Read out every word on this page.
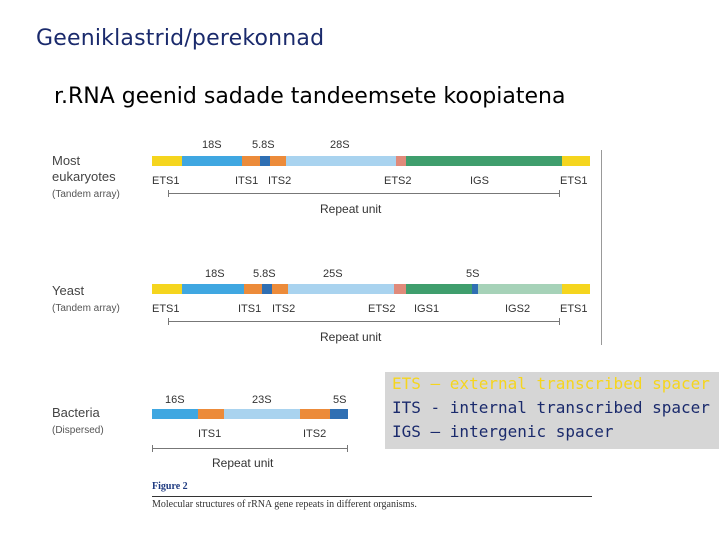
Geeniklastrid/perekonnad
r.RNA geenid sadade tandeemsete koopiatena
Most
eukaryotes
(Tandem array)
18S	5.8S	28S
ETS1	ITS1 ITS2	ETS2	IGS	ETS1
Repeat unit
Yeast
(Tandem array)
18S	5.8S	25S	5S
ETS1	ITS1 ITS2	ETS2 IGS1	IGS2	ETS1
Repeat unit
Bacteria
(Dispersed)
16S	23S	5S
ITS1	ITS2
Repeat unit
Figure 2
Molecular structures of rRNA gene repeats in different organisms.
ETS – external transcribed spacer
ITS - internal transcribed spacer
IGS – intergenic spacer
